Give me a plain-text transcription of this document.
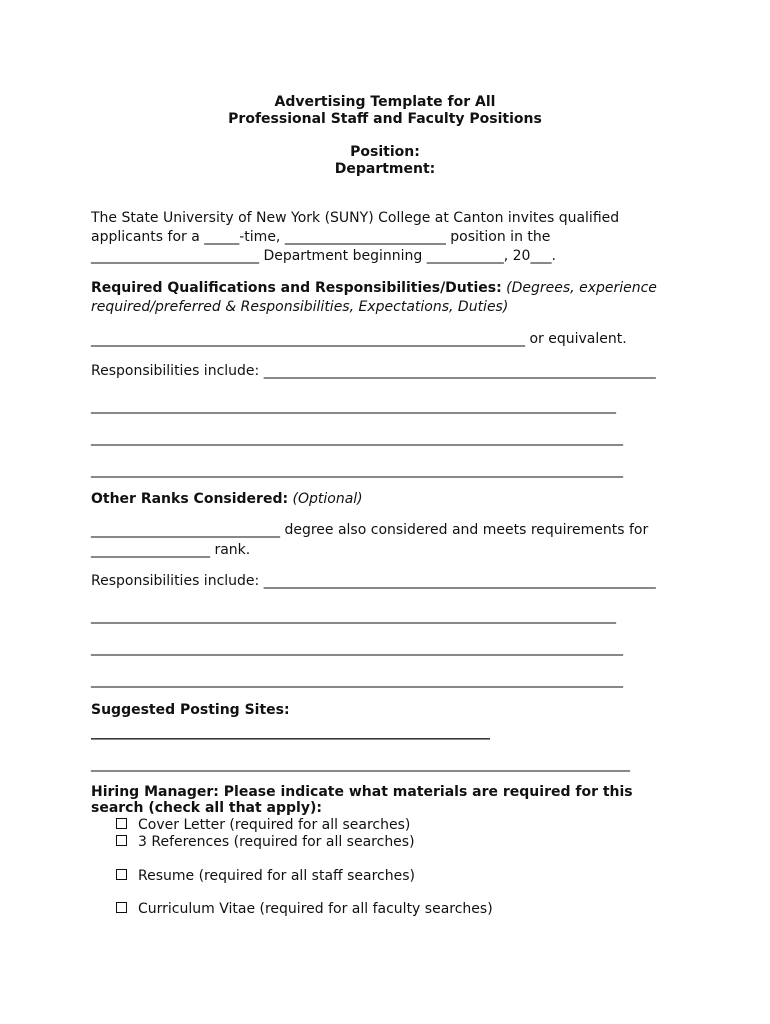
Advertising Template for All
Professional Staff and Faculty Positions
Position:
Department:
The State University of New York (SUNY) College at Canton invites qualified
applicants for a _____-time, _______________________ position in the
________________________ Department beginning ___________, 20___.
Required Qualifications and Responsibilities/Duties: (Degrees, experience
required/preferred & Responsibilities, Expectations, Duties)
______________________________________________________________ or equivalent.
Responsibilities include: ________________________________________________________
___________________________________________________________________________
____________________________________________________________________________
____________________________________________________________________________
Other Ranks Considered: (Optional)
___________________________ degree also considered and meets requirements for
_________________ rank.
Responsibilities include: ________________________________________________________
___________________________________________________________________________
____________________________________________________________________________
____________________________________________________________________________
Suggested Posting Sites:
_________________________________________________________
_____________________________________________________________________________
Hiring Manager: Please indicate what materials are required for this
search (check all that apply):
Cover Letter (required for all searches)
3 References (required for all searches)
Resume (required for all staff searches)
Curriculum Vitae (required for all faculty searches)
